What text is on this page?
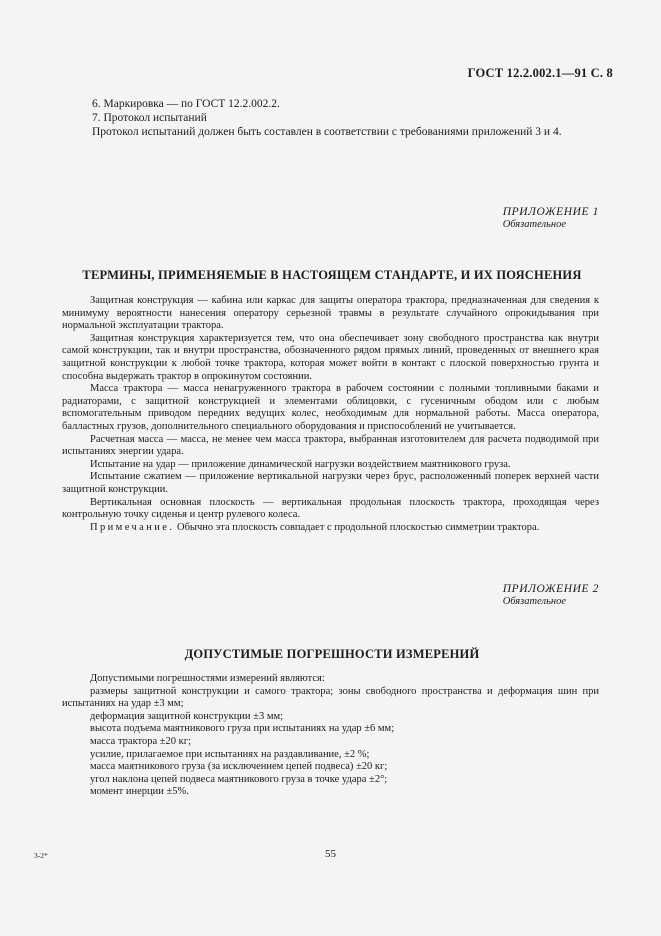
ГОСТ 12.2.002.1—91 С. 8

6. Маркировка — по ГОСТ 12.2.002.2.

7. Протокол испытаний

Протокол испытаний должен быть составлен в соответствии с требованиями приложений 3 и 4.

ПРИЛОЖЕНИЕ 1
Обязательное
ТЕРМИНЫ, ПРИМЕНЯЕМЫЕ В НАСТОЯЩЕМ СТАНДАРТЕ, И ИХ ПОЯСНЕНИЯ

Защитная конструкция — кабина или каркас для защиты оператора трактора, предназначенная для сведения к минимуму вероятности нанесения оператору серьезной травмы в результате случайного опрокидывания при нормальной эксплуатации трактора.

Защитная конструкция характеризуется тем, что она обеспечивает зону свободного пространства как внутри самой конструкции, так и внутри пространства, обозначенного рядом прямых линий, проведенных от внешнего края защитной конструкции к любой точке трактора, которая может войти в контакт с плоской поверхностью грунта и способна выдержать трактор в опрокинутом состоянии.

Масса трактора — масса ненагруженного трактора в рабочем состоянии с полными топливными баками и радиаторами, с защитной конструкцией и элементами облицовки, с гусеничным ободом или с любым вспомогательным приводом передних ведущих колес, необходимым для нормальной работы. Масса оператора, балластных грузов, дополнительного специального оборудования и приспособлений не учитывается.

Расчетная масса — масса, не менее чем масса трактора, выбранная изготовителем для расчета подводимой при испытаниях энергии удара.

Испытание на удар — приложение динамической нагрузки воздействием маятникового груза.

Испытание сжатием — приложение вертикальной нагрузки через брус, расположенный поперек верхней части защитной конструкции.

Вертикальная основная плоскость — вертикальная продольная плоскость трактора, проходящая через контрольную точку сиденья и центр рулевого колеса.

Примечание. Обычно эта плоскость совпадает с продольной плоскостью симметрии трактора.

ПРИЛОЖЕНИЕ 2
Обязательное
ДОПУСТИМЫЕ ПОГРЕШНОСТИ ИЗМЕРЕНИЙ

Допустимыми погрешностями измерений являются:

размеры защитной конструкции и самого трактора; зоны свободного пространства и деформация шин при испытаниях на удар ±3 мм;

деформация защитной конструкции ±3 мм;

высота подъема маятникового груза при испытаниях на удар ±6 мм;

масса трактора ±20 кг;

усилие, прилагаемое при испытаниях на раздавливание, ±2 %;

масса маятникового груза (за исключением цепей подвеса) ±20 кг;

угол наклона цепей подвеса маятникового груза в точке удара ±2°;

момент инерции ±5%.

3-2*	55
